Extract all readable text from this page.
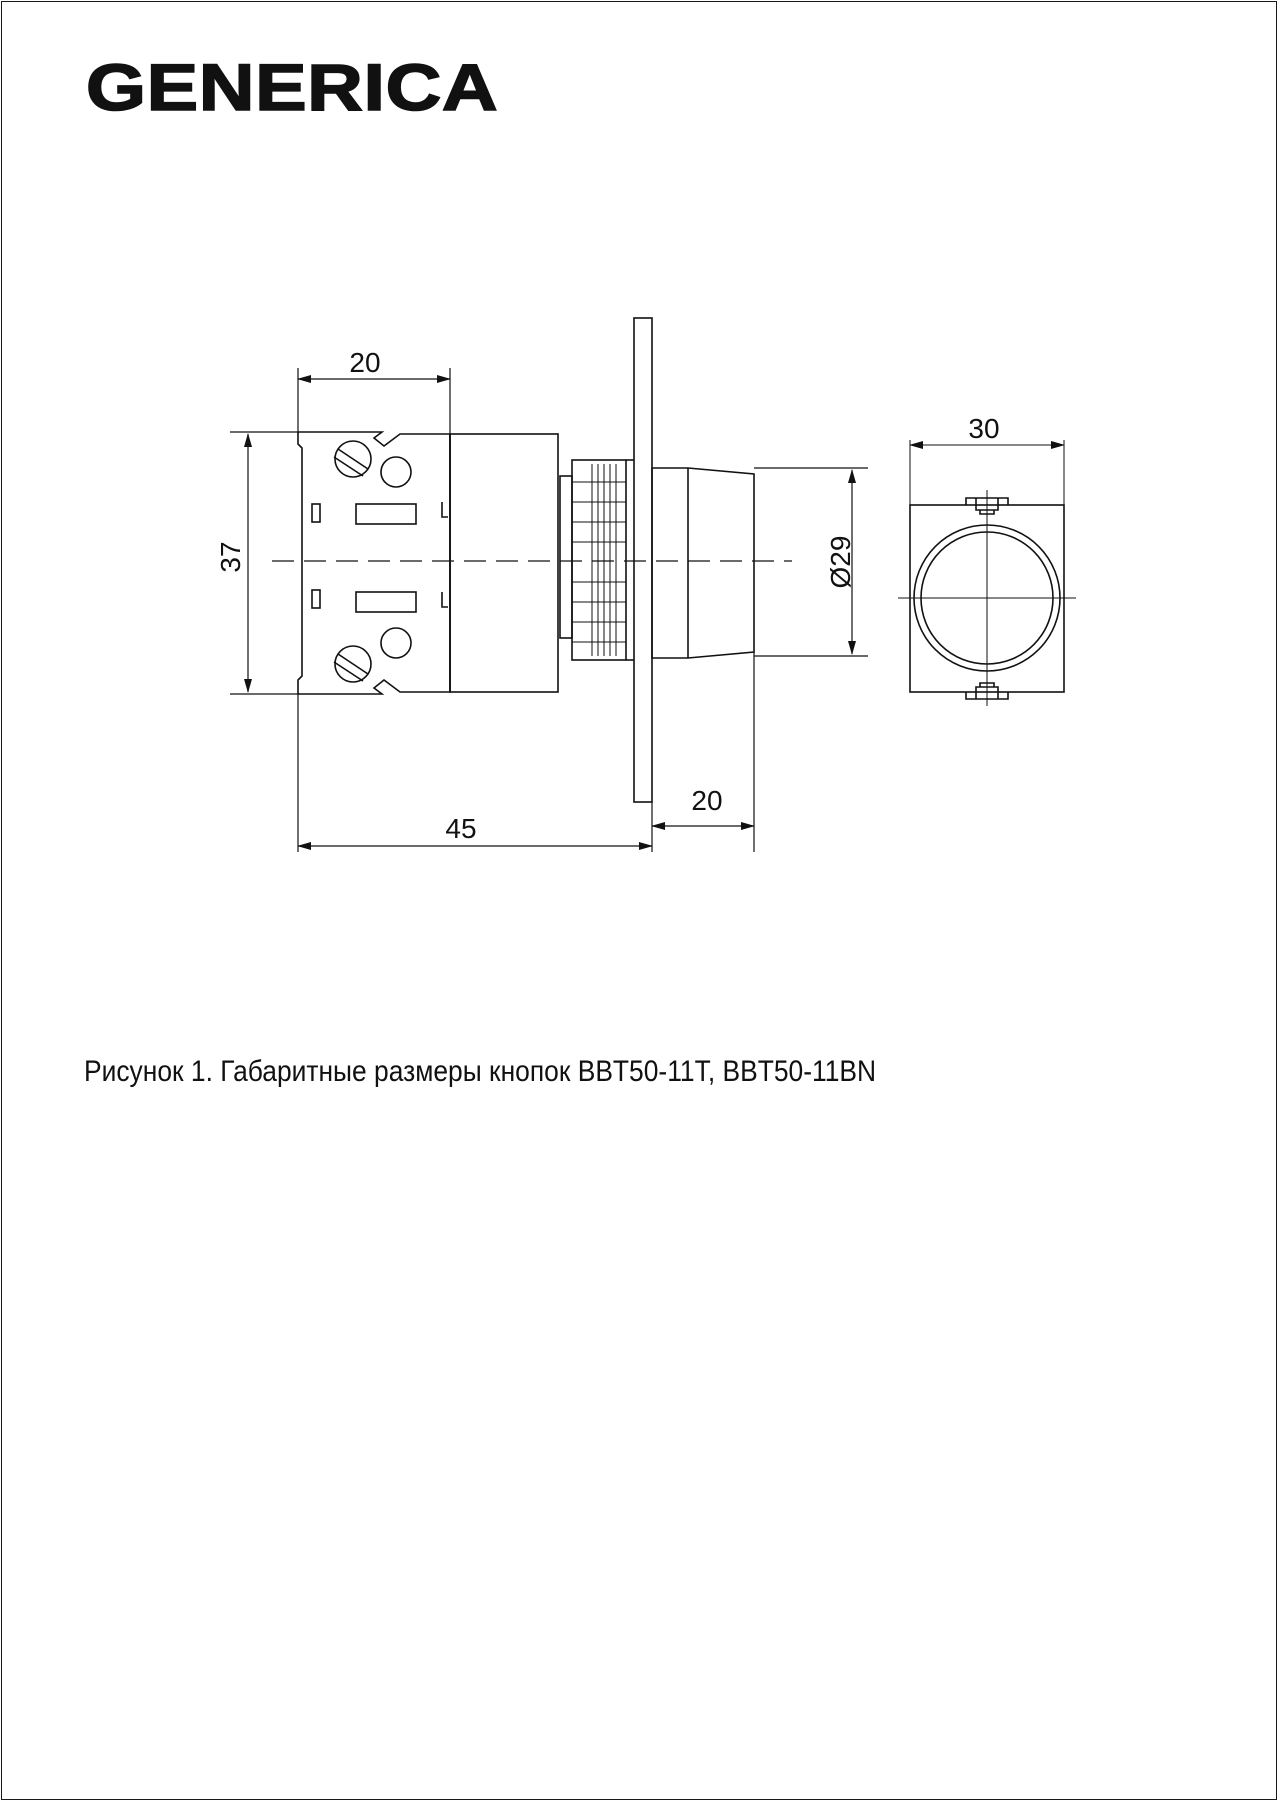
GENERICA
20
37
45
20
Ø29
30
Рисунок 1. Габаритные размеры кнопок BBT50-11T, BBT50-11BN
